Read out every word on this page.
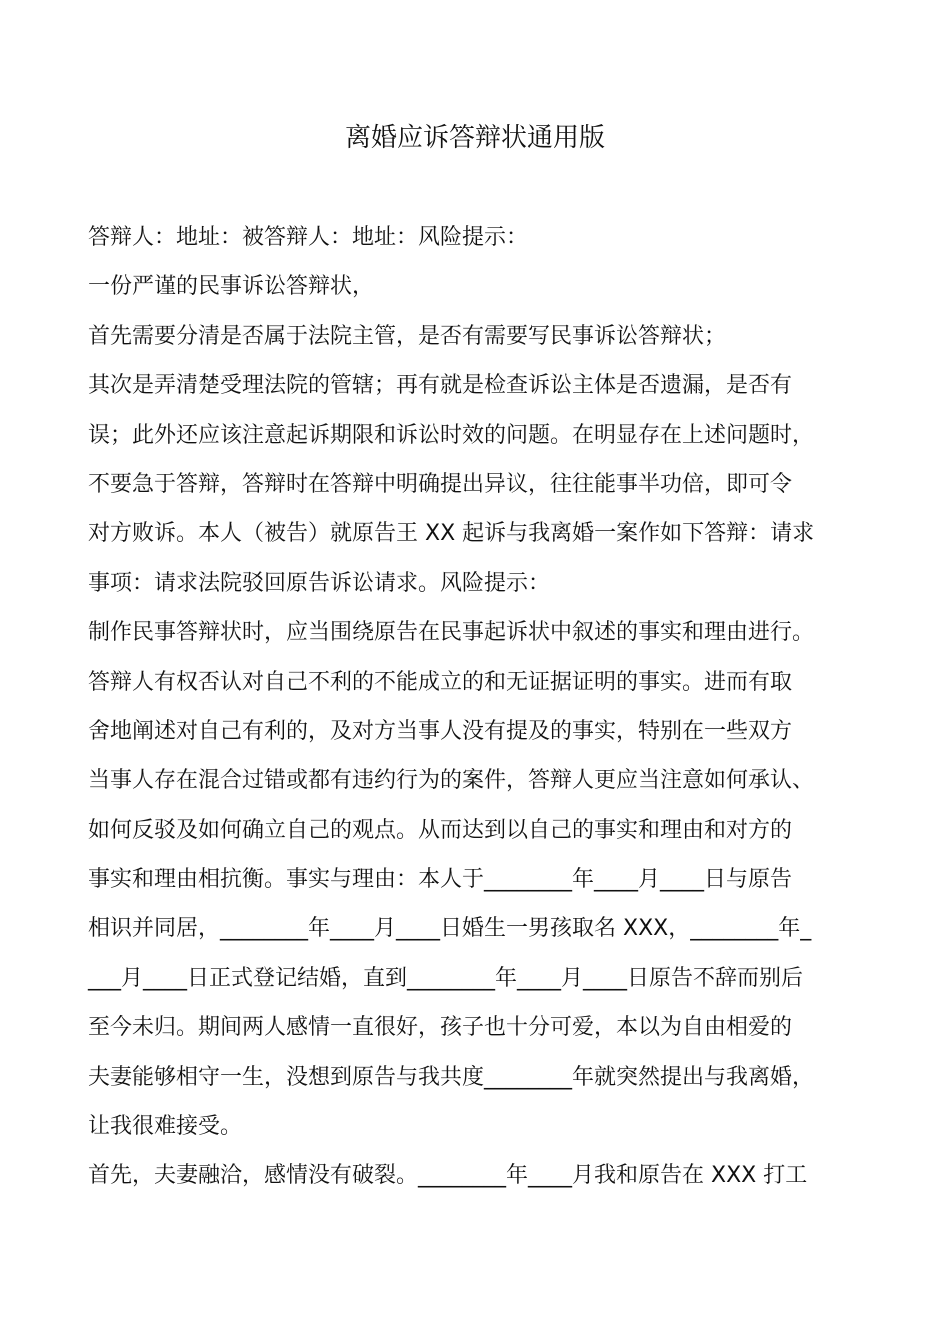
离婚应诉答辩状通用版
答辩人：地址：被答辩人：地址：风险提示：
一份严谨的民事诉讼答辩状，
首先需要分清是否属于法院主管，是否有需要写民事诉讼答辩状；
其次是弄清楚受理法院的管辖；再有就是检查诉讼主体是否遗漏，是否有
误；此外还应该注意起诉期限和诉讼时效的问题。在明显存在上述问题时，
不要急于答辩，答辩时在答辩中明确提出异议，往往能事半功倍，即可令
对方败诉。本人（被告）就原告王 XX 起诉与我离婚一案作如下答辩：请求
事项：请求法院驳回原告诉讼请求。风险提示：
制作民事答辩状时，应当围绕原告在民事起诉状中叙述的事实和理由进行。
答辩人有权否认对自己不利的不能成立的和无证据证明的事实。进而有取
舍地阐述对自己有利的，及对方当事人没有提及的事实，特别在一些双方
当事人存在混合过错或都有违约行为的案件，答辩人更应当注意如何承认、
如何反驳及如何确立自己的观点。从而达到以自己的事实和理由和对方的
事实和理由相抗衡。事实与理由：本人于________年____月____日与原告
相识并同居，________年____月____日婚生一男孩取名 XXX，________年_
___月____日正式登记结婚，直到________年____月____日原告不辞而别后
至今未归。期间两人感情一直很好，孩子也十分可爱，本以为自由相爱的
夫妻能够相守一生，没想到原告与我共度________年就突然提出与我离婚，
让我很难接受。
首先，夫妻融洽，感情没有破裂。________年____月我和原告在 XXX 打工
